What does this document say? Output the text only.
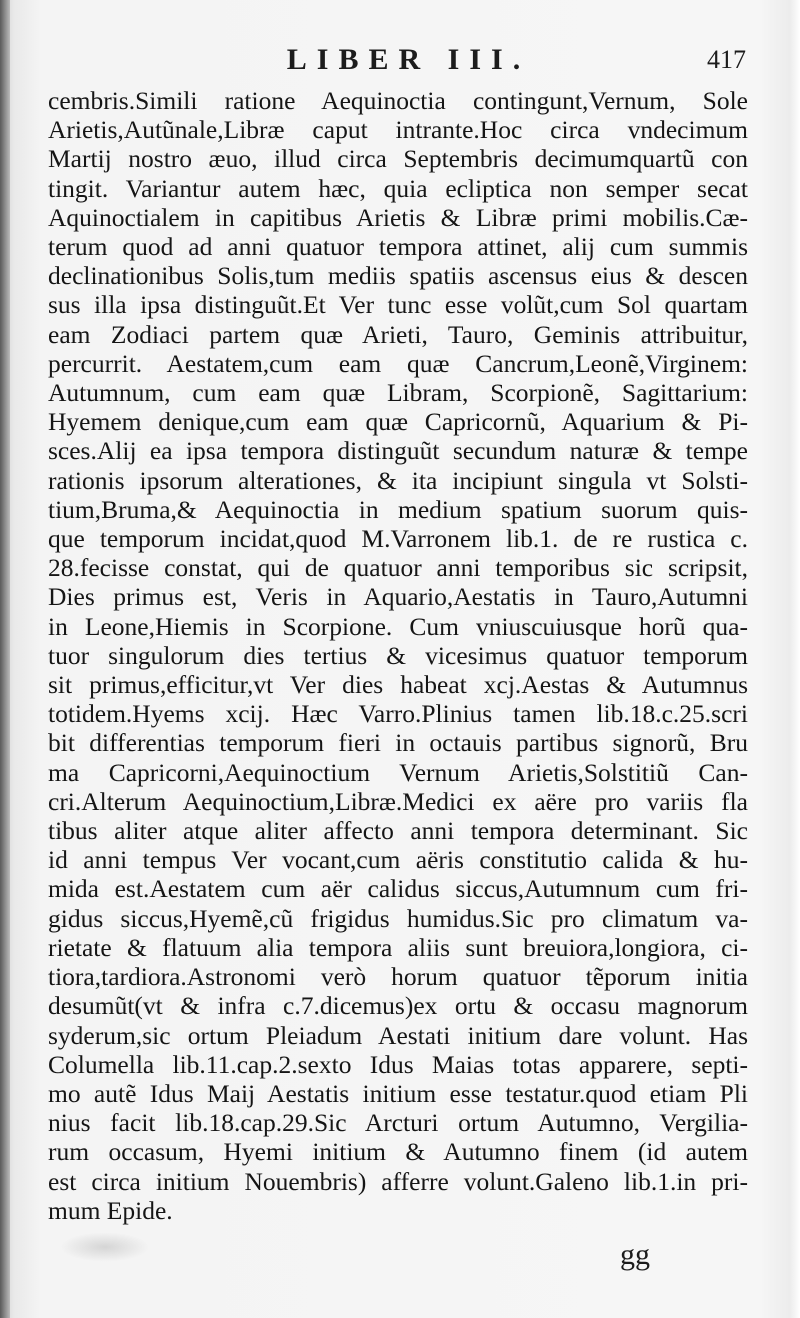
LIBER III.	417
cembris.Simili ratione Aequinoctia contingunt,Vernum, Sole
Arietis,Autũnale,Libræ caput intrante.Hoc circa vndecimum
Martij nostro æuo, illud circa Septembris decimumquartũ con
tingit. Variantur autem hæc, quia ecliptica non semper secat
Aquinoctialem in capitibus Arietis & Libræ primi mobilis.Cæ-
terum quod ad anni quatuor tempora attinet, alij cum summis
declinationibus Solis,tum mediis spatiis ascensus eius & descen
sus illa ipsa distinguũt.Et Ver tunc esse volũt,cum Sol quartam
eam Zodiaci partem quæ Arieti, Tauro, Geminis attribuitur,
percurrit. Aestatem,cum eam quæ Cancrum,Leonẽ,Virginem:
Autumnum, cum eam quæ Libram, Scorpionẽ, Sagittarium:
Hyemem denique,cum eam quæ Capricornũ, Aquarium & Pi-
sces.Alij ea ipsa tempora distinguũt secundum naturæ & tempe
rationis ipsorum alterationes, & ita incipiunt singula vt Solsti-
tium,Bruma,& Aequinoctia in medium spatium suorum quis-
que temporum incidat,quod M.Varronem lib.1. de re rustica c.
28.fecisse constat, qui de quatuor anni temporibus sic scripsit,
Dies primus est, Veris in Aquario,Aestatis in Tauro,Autumni
in Leone,Hiemis in Scorpione. Cum vniuscuiusque horũ qua-
tuor singulorum dies tertius & vicesimus quatuor temporum
sit primus,efficitur,vt Ver dies habeat xcj.Aestas & Autumnus
totidem.Hyems xcij. Hæc Varro.Plinius tamen lib.18.c.25.scri
bit differentias temporum fieri in octauis partibus signorũ, Bru
ma Capricorni,Aequinoctium Vernum Arietis,Solstitiũ Can-
cri.Alterum Aequinoctium,Libræ.Medici ex aëre pro variis fla
tibus aliter atque aliter affecto anni tempora determinant. Sic
id anni tempus Ver vocant,cum aëris constitutio calida & hu-
mida est.Aestatem cum aër calidus siccus,Autumnum cum fri-
gidus siccus,Hyemẽ,cũ frigidus humidus.Sic pro climatum va-
rietate & flatuum alia tempora aliis sunt breuiora,longiora, ci-
tiora,tardiora.Astronomi verò horum quatuor tẽporum initia
desumũt(vt & infra c.7.dicemus)ex ortu & occasu magnorum
syderum,sic ortum Pleiadum Aestati initium dare volunt. Has
Columella lib.11.cap.2.sexto Idus Maias totas apparere, septi-
mo autẽ Idus Maij Aestatis initium esse testatur.quod etiam Pli
nius facit lib.18.cap.29.Sic Arcturi ortum Autumno, Vergilia-
rum occasum, Hyemi initium & Autumno finem (id autem
est circa initium Nouembris) afferre volunt.Galeno lib.1.in pri-
mum Epide.
gg
